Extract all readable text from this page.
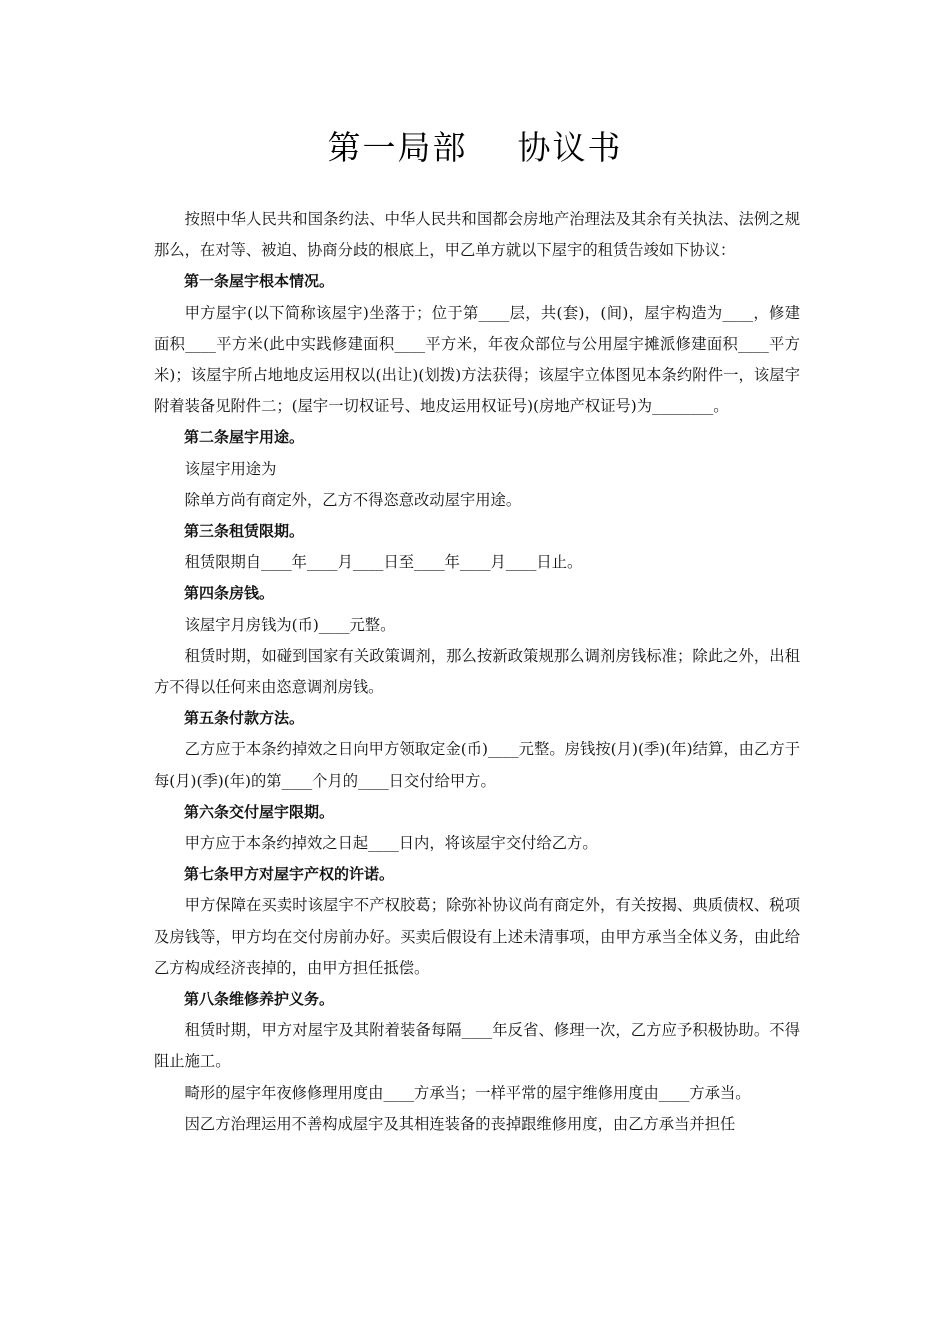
第一局部    协议书

按照中华人民共和国条约法、中华人民共和国都会房地产治理法及其余有关执法、法例之规那么，在对等、被迫、协商分歧的根底上，甲乙单方就以下屋宇的租赁告竣如下协议：

第一条屋宇根本情况。

甲方屋宇(以下简称该屋宇)坐落于；位于第____层，共(套)，(间)，屋宇构造为____，修建面积____平方米(此中实践修建面积____平方米，年夜众部位与公用屋宇摊派修建面积____平方米)；该屋宇所占地地皮运用权以(出让)(划拨)方法获得；该屋宇立体图见本条约附件一，该屋宇附着装备见附件二；(屋宇一切权证号、地皮运用权证号)(房地产权证号)为________。

第二条屋宇用途。

该屋宇用途为

除单方尚有商定外，乙方不得恣意改动屋宇用途。

第三条租赁限期。

租赁限期自____年____月____日至____年____月____日止。

第四条房钱。

该屋宇月房钱为(币)____元整。

租赁时期，如碰到国家有关政策调剂，那么按新政策规那么调剂房钱标准；除此之外，出租方不得以任何来由恣意调剂房钱。

第五条付款方法。

乙方应于本条约掉效之日向甲方领取定金(币)____元整。房钱按(月)(季)(年)结算，由乙方于每(月)(季)(年)的第____个月的____日交付给甲方。

第六条交付屋宇限期。

甲方应于本条约掉效之日起____日内，将该屋宇交付给乙方。

第七条甲方对屋宇产权的许诺。

甲方保障在买卖时该屋宇不产权胶葛；除弥补协议尚有商定外，有关按揭、典质债权、税项及房钱等，甲方均在交付房前办好。买卖后假设有上述未清事项，由甲方承当全体义务，由此给乙方构成经济丧掉的，由甲方担任抵偿。

第八条维修养护义务。

租赁时期，甲方对屋宇及其附着装备每隔____年反省、修理一次，乙方应予积极协助。不得阻止施工。

畸形的屋宇年夜修修理用度由____方承当；一样平常的屋宇维修用度由____方承当。

因乙方治理运用不善构成屋宇及其相连装备的丧掉跟维修用度，由乙方承当并担任
